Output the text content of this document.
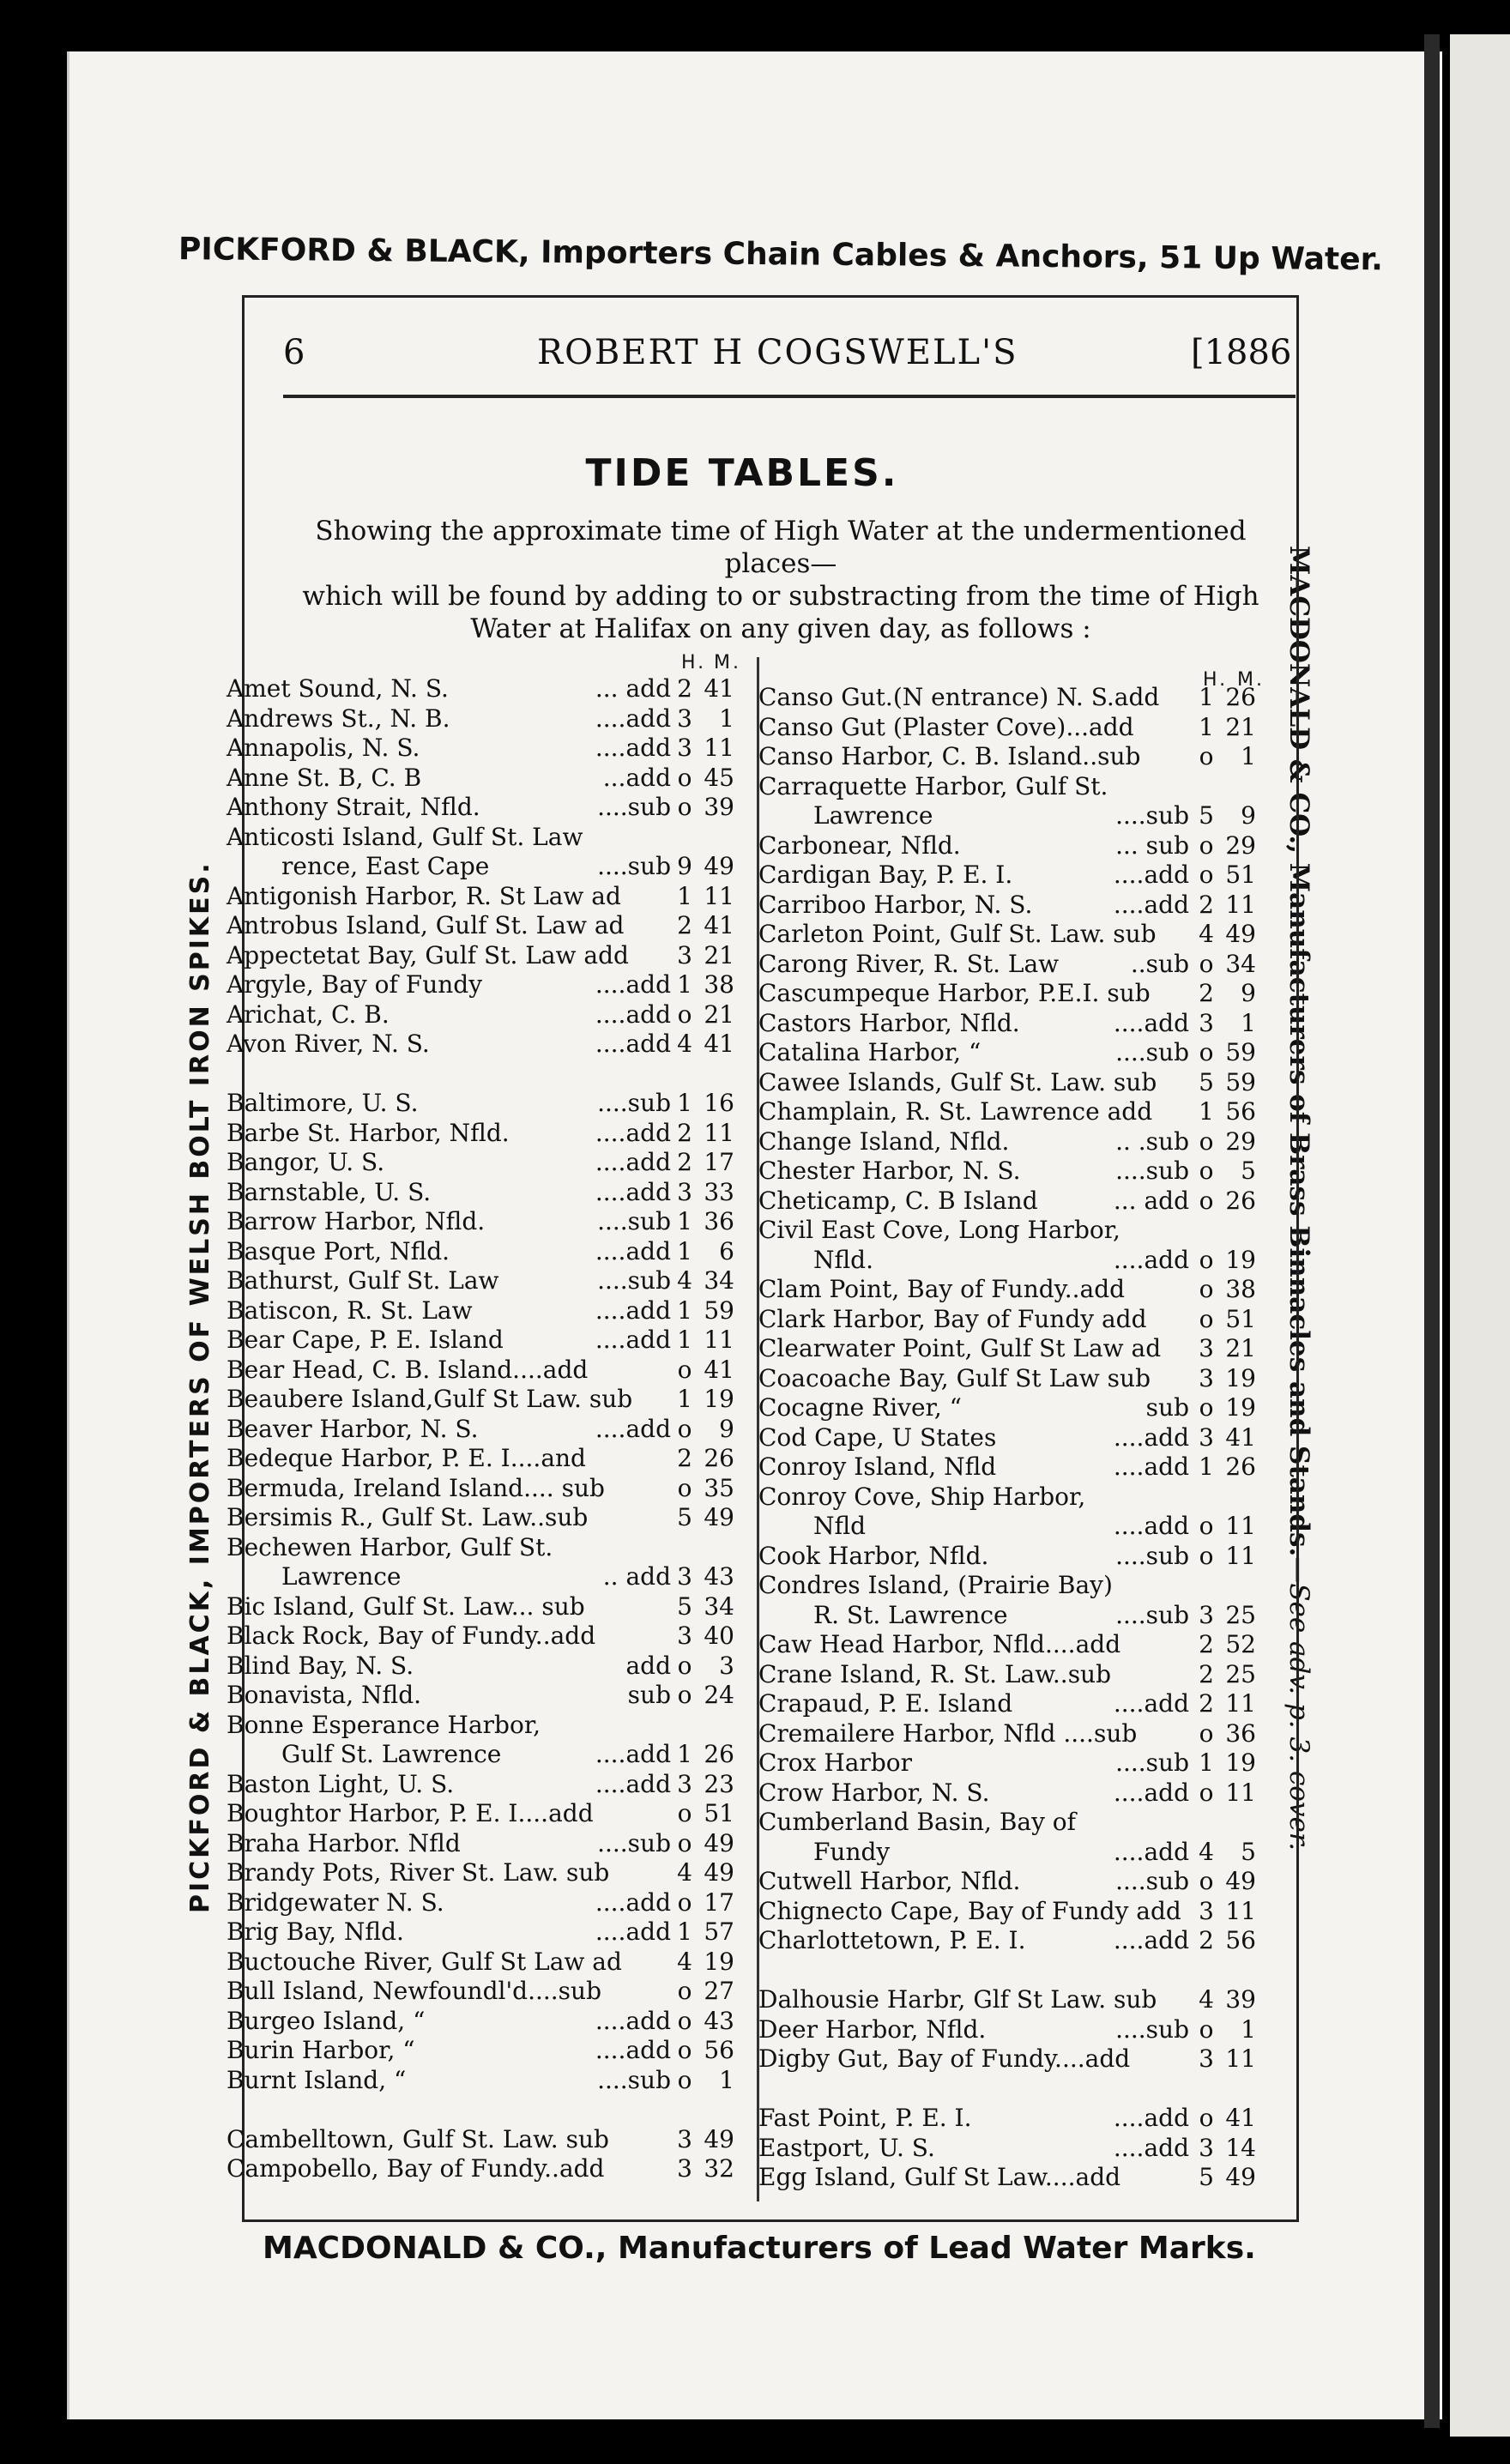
PICKFORD & BLACK, Importers Chain Cables & Anchors, 51 Up Water.
PICKFORD & BLACK, IMPORTERS OF WELSH BOLT IRON SPIKES.	MACDONALD & CO., Manufacturers of Brass Binnacles and Stands.—See adv. p. 3. cover.
MACDONALD & CO., Manufacturers of Lead Water Marks.
6	ROBERT H COGSWELL'S	[1886
TIDE TABLES.
Showing the approximate time of High Water at the undermentioned places—
which will be found by adding to or substracting from the time of High
Water at Halifax on any given day, as follows :
H. M.
Amet Sound, N. S.	... add 2 41
Andrews St., N. B.	....add 3	1
Annapolis, N. S.	....add 3 11
Anne St. B, C. B	...add o 45
Anthony Strait, Nfld.	....sub o 39
Anticosti Island, Gulf St. Law
rence, East Cape	....sub 9 49
Antigonish Harbor, R. St Law ad 1 11
Antrobus Island, Gulf St. Law ad 2 41
Appectetat Bay, Gulf St. Law add 3 21
Argyle, Bay of Fundy	....add 1 38
Arichat, C. B.	....add o 21
Avon River, N. S.	....add 4 41
Baltimore, U. S.	....sub 1 16
Barbe St. Harbor, Nfld.	....add 2 11
Bangor, U. S.	....add 2 17
Barnstable, U. S.	....add 3 33
Barrow Harbor, Nfld.	....sub 1 36
Basque Port, Nfld.	....add 1	6
Bathurst, Gulf St. Law	....sub 4 34
Batiscon, R. St. Law	....add 1 59
Bear Cape, P. E. Island	....add 1 11
Bear Head, C. B. Island....add	o 41
Beaubere Island,Gulf St Law. sub 1 19
Beaver Harbor, N. S.	....add o	9
Bedeque Harbor, P. E. I....and	2 26
Bermuda, Ireland Island.... sub	o 35
Bersimis R., Gulf St. Law..sub	5 49
Bechewen Harbor, Gulf St.
Lawrence	.. add 3 43
Bic Island, Gulf St. Law... sub	5 34
Black Rock, Bay of Fundy..add	3 40
Blind Bay, N. S.	add o	3
Bonavista, Nfld.	sub o 24
Bonne Esperance Harbor,
Gulf St. Lawrence	....add 1 26
Baston Light, U. S.	....add 3 23
Boughtor Harbor, P. E. I....add	o 51
Braha Harbor. Nfld	....sub o 49
Brandy Pots, River St. Law. sub	4 49
Bridgewater N. S.	....add o 17
Brig Bay, Nfld.	....add 1 57
Buctouche River, Gulf St Law ad 4 19
Bull Island, Newfoundl'd....sub	o 27
Burgeo Island, “	....add o 43
Burin Harbor, “	....add o 56
Burnt Island, “	....sub o	1
Cambelltown, Gulf St. Law. sub	3 49
Campobello, Bay of Fundy..add	3 32
H. M.
Canso Gut.(N entrance) N. S.add 1 26
Canso Gut (Plaster Cove)...add	1 21
Canso Harbor, C. B. Island..sub o	1
Carraquette Harbor, Gulf St.
Lawrence	....sub 5	9
Carbonear, Nfld.	... sub o 29
Cardigan Bay, P. E. I.	....add o 51
Carriboo Harbor, N. S.	....add 2 11
Carleton Point, Gulf St. Law. sub 4 49
Carong River, R. St. Law	..sub o 34
Cascumpeque Harbor, P.E.I. sub 2	9
Castors Harbor, Nfld.	....add 3	1
Catalina Harbor, “	....sub o 59
Cawee Islands, Gulf St. Law. sub 5 59
Champlain, R. St. Lawrence add 1 56
Change Island, Nfld.	.. .sub o 29
Chester Harbor, N. S.	....sub o	5
Cheticamp, C. B Island	... add o 26
Civil East Cove, Long Harbor,
Nfld.	....add o 19
Clam Point, Bay of Fundy..add	o 38
Clark Harbor, Bay of Fundy add o 51
Clearwater Point, Gulf St Law ad 3 21
Coacoache Bay, Gulf St Law sub 3 19
Cocagne River, “	sub o 19
Cod Cape, U States	....add 3 41
Conroy Island, Nfld	....add 1 26
Conroy Cove, Ship Harbor,
Nfld	....add o 11
Cook Harbor, Nfld.	....sub o 11
Condres Island, (Prairie Bay)
R. St. Lawrence	....sub 3 25
Caw Head Harbor, Nfld....add	2 52
Crane Island, R. St. Law..sub	2 25
Crapaud, P. E. Island	....add 2 11
Cremailere Harbor, Nfld ....sub	o 36
Crox Harbor	....sub 1 19
Crow Harbor, N. S.	....add o 11
Cumberland Basin, Bay of
Fundy	....add 4	5
Cutwell Harbor, Nfld.	....sub o 49
Chignecto Cape, Bay of Fundy add 3 11
Charlottetown, P. E. I.	....add 2 56
Dalhousie Harbr, Glf St Law. sub 4 39
Deer Harbor, Nfld.	....sub o	1
Digby Gut, Bay of Fundy....add	3 11
Fast Point, P. E. I.	....add o 41
Eastport, U. S.	....add 3 14
Egg Island, Gulf St Law....add	5 49
